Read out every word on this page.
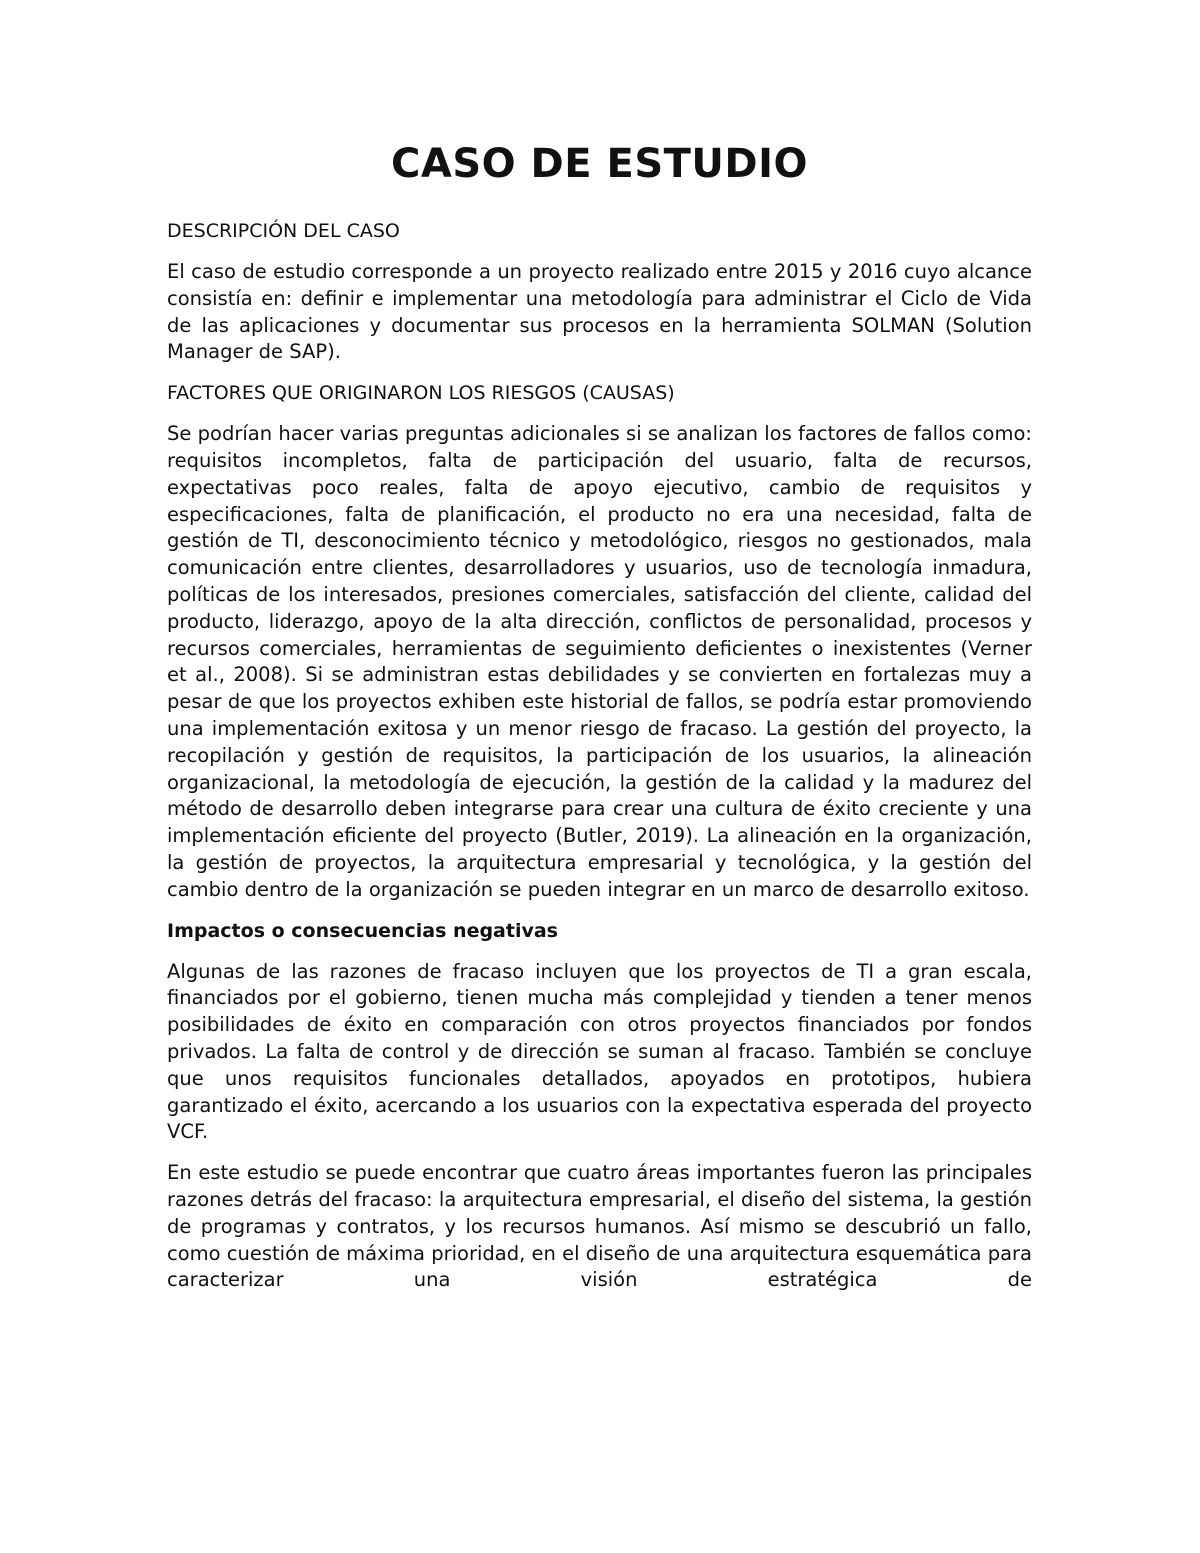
CASO DE ESTUDIO
DESCRIPCIÓN DEL CASO

El caso de estudio corresponde a un proyecto realizado entre 2015 y 2016 cuyo alcance consistía en: definir e implementar una metodología para administrar el Ciclo de Vida de las aplicaciones y documentar sus procesos en la herramienta SOLMAN (Solution Manager de SAP).

FACTORES QUE ORIGINARON LOS RIESGOS (CAUSAS)

Se podrían hacer varias preguntas adicionales si se analizan los factores de fallos como: requisitos incompletos, falta de participación del usuario, falta de recursos, expectativas poco reales, falta de apoyo ejecutivo, cambio de requisitos y especificaciones, falta de planificación, el producto no era una necesidad, falta de gestión de TI, desconocimiento técnico y metodológico, riesgos no gestionados, mala comunicación entre clientes, desarrolladores y usuarios, uso de tecnología inmadura, políticas de los interesados, presiones comerciales, satisfacción del cliente, calidad del producto, liderazgo, apoyo de la alta dirección, conflictos de personalidad, procesos y recursos comerciales, herramientas de seguimiento deficientes o inexistentes (Verner et al., 2008). Si se administran estas debilidades y se convierten en fortalezas muy a pesar de que los proyectos exhiben este historial de fallos, se podría estar promoviendo una implementación exitosa y un menor riesgo de fracaso. La gestión del proyecto, la recopilación y gestión de requisitos, la participación de los usuarios, la alineación organizacional, la metodología de ejecución, la gestión de la calidad y la madurez del método de desarrollo deben integrarse para crear una cultura de éxito creciente y una implementación eficiente del proyecto (Butler, 2019). La alineación en la organización, la gestión de proyectos, la arquitectura empresarial y tecnológica, y la gestión del cambio dentro de la organización se pueden integrar en un marco de desarrollo exitoso.

Impactos o consecuencias negativas

Algunas de las razones de fracaso incluyen que los proyectos de TI a gran escala, financiados por el gobierno, tienen mucha más complejidad y tienden a tener menos posibilidades de éxito en comparación con otros proyectos financiados por fondos privados. La falta de control y de dirección se suman al fracaso. También se concluye que unos requisitos funcionales detallados, apoyados en prototipos, hubiera garantizado el éxito, acercando a los usuarios con la expectativa esperada del proyecto VCF.

En este estudio se puede encontrar que cuatro áreas importantes fueron las principales razones detrás del fracaso: la arquitectura empresarial, el diseño del sistema, la gestión de programas y contratos, y los recursos humanos. Así mismo se descubrió un fallo, como cuestión de máxima prioridad, en el diseño de una arquitectura esquemática para caracterizar una visión estratégica de
